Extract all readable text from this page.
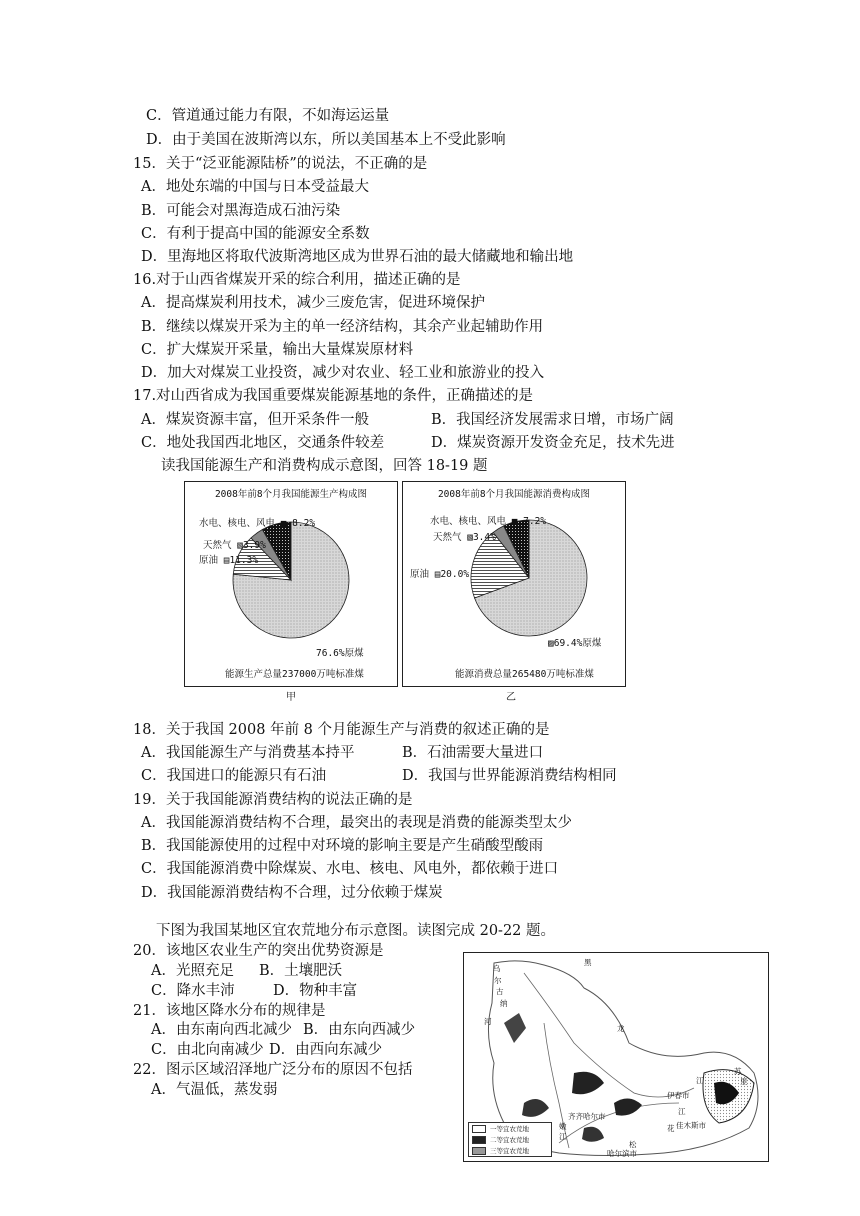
C．管道通过能力有限，不如海运运量
D．由于美国在波斯湾以东，所以美国基本上不受此影响
15．关于“泛亚能源陆桥”的说法，不正确的是
A．地处东端的中国与日本受益最大
B．可能会对黑海造成石油污染
C．有利于提高中国的能源安全系数
D．里海地区将取代波斯湾地区成为世界石油的最大储藏地和输出地
16.对于山西省煤炭开采的综合利用，描述正确的是
A．提高煤炭利用技术，减少三废危害，促进环境保护
B．继续以煤炭开采为主的单一经济结构，其余产业起辅助作用
C．扩大煤炭开采量，输出大量煤炭原材料
D．加大对煤炭工业投资，减少对农业、轻工业和旅游业的投入
17.对山西省成为我国重要煤炭能源基地的条件，正确描述的是
A．煤炭资源丰富，但开采条件一般	B．我国经济发展需求日增，市场广阔
C．地处我国西北地区，交通条件较差	D．煤炭资源开发资金充足，技术先进
读我国能源生产和消费构成示意图，回答 18-19 题
2008年前8个月我国能源生产构成图
水电、核电、风电 ■ 8.2%
天然气 ▧3.9%
原油 ▤11.3%
76.6%原煤
能源生产总量237000万吨标准煤
甲
2008年前8个月我国能源消费构成图
水电、核电、风电 ■ 7.2%
天然气 ▧3.4%
原油 ▤20.0%
▨69.4%原煤
能源消费总量265480万吨标准煤
乙
18．关于我国 2008 年前 8 个月能源生产与消费的叙述正确的是
A．我国能源生产与消费基本持平	B．石油需要大量进口
C．我国进口的能源只有石油	D．我国与世界能源消费结构相同
19．关于我国能源消费结构的说法正确的是
A．我国能源消费结构不合理，最突出的表现是消费的能源类型太少
B．我国能源使用的过程中对环境的影响主要是产生硝酸型酸雨
C．我国能源消费中除煤炭、水电、核电、风电外，都依赖于进口
D．我国能源消费结构不合理，过分依赖于煤炭
下图为我国某地区宜农荒地分布示意图。读图完成 20-22 题。
20．该地区农业生产的突出优势资源是
A．光照充足 B．土壤肥沃
C．降水丰沛	D．物种丰富
21．该地区降水分布的规律是
A．由东南向西北减少 B．由东向西减少
C．由北向南减少 D．由西向东减少
22．图示区域沼泽地广泛分布的原因不包括
A．气温低，蒸发弱
乌
尔
古
纳
河
黑
龙
江
苏
里
伊春市
齐齐哈尔市
佳木斯市
哈尔滨市
嫩
江
松
花
江
一等宜农荒地
二等宜农荒地
三等宜农荒地
